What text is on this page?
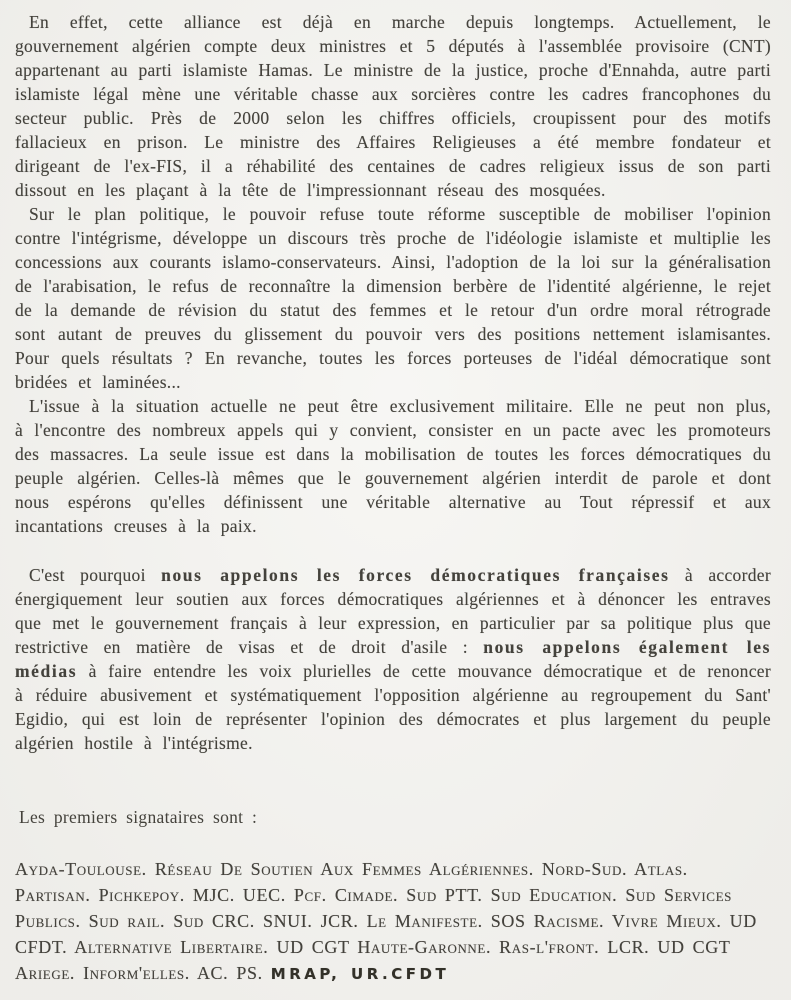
En effet, cette alliance est déjà en marche depuis longtemps. Actuellement, le gouvernement algérien compte deux ministres et 5 députés à l'assemblée provisoire (CNT) appartenant au parti islamiste Hamas. Le ministre de la justice, proche d'Ennahda, autre parti islamiste légal mène une véritable chasse aux sorcières contre les cadres francophones du secteur public. Près de 2000 selon les chiffres officiels, croupissent pour des motifs fallacieux en prison. Le ministre des Affaires Religieuses a été membre fondateur et dirigeant de l'ex-FIS, il a réhabilité des centaines de cadres religieux issus de son parti dissout en les plaçant à la tête de l'impressionnant réseau des mosquées.

Sur le plan politique, le pouvoir refuse toute réforme susceptible de mobiliser l'opinion contre l'intégrisme, développe un discours très proche de l'idéologie islamiste et multiplie les concessions aux courants islamo-conservateurs. Ainsi, l'adoption de la loi sur la généralisation de l'arabisation, le refus de reconnaître la dimension berbère de l'identité algérienne, le rejet de la demande de révision du statut des femmes et le retour d'un ordre moral rétrograde sont autant de preuves du glissement du pouvoir vers des positions nettement islamisantes. Pour quels résultats ? En revanche, toutes les forces porteuses de l'idéal démocratique sont bridées et laminées...

L'issue à la situation actuelle ne peut être exclusivement militaire. Elle ne peut non plus, à l'encontre des nombreux appels qui y convient, consister en un pacte avec les promoteurs des massacres. La seule issue est dans la mobilisation de toutes les forces démocratiques du peuple algérien. Celles-là mêmes que le gouvernement algérien interdit de parole et dont nous espérons qu'elles définissent une véritable alternative au Tout répressif et aux incantations creuses à la paix.

C'est pourquoi nous appelons les forces démocratiques françaises à accorder énergiquement leur soutien aux forces démocratiques algériennes et à dénoncer les entraves que met le gouvernement français à leur expression, en particulier par sa politique plus que restrictive en matière de visas et de droit d'asile : nous appelons également les médias à faire entendre les voix plurielles de cette mouvance démocratique et de renoncer à réduire abusivement et systématiquement l'opposition algérienne au regroupement du Sant' Egidio, qui est loin de représenter l'opinion des démocrates et plus largement du peuple algérien hostile à l'intégrisme.

Les premiers signataires sont :

Ayda-Toulouse. Réseau De Soutien Aux Femmes Algériennes. Nord-Sud. Atlas. Partisan. Pichkepoy. MJC. UEC. Pcf. Cimade. Sud PTT. Sud Education. Sud Services Publics. Sud rail. Sud CRC. SNUI. JCR. Le Manifeste. SOS Racisme. Vivre Mieux. UD CFDT. Alternative Libertaire. UD CGT Haute-Garonne. Ras-l'front. LCR. UD CGT Ariege. Inform'elles. AC. PS. MRAP, UR.CFDT
